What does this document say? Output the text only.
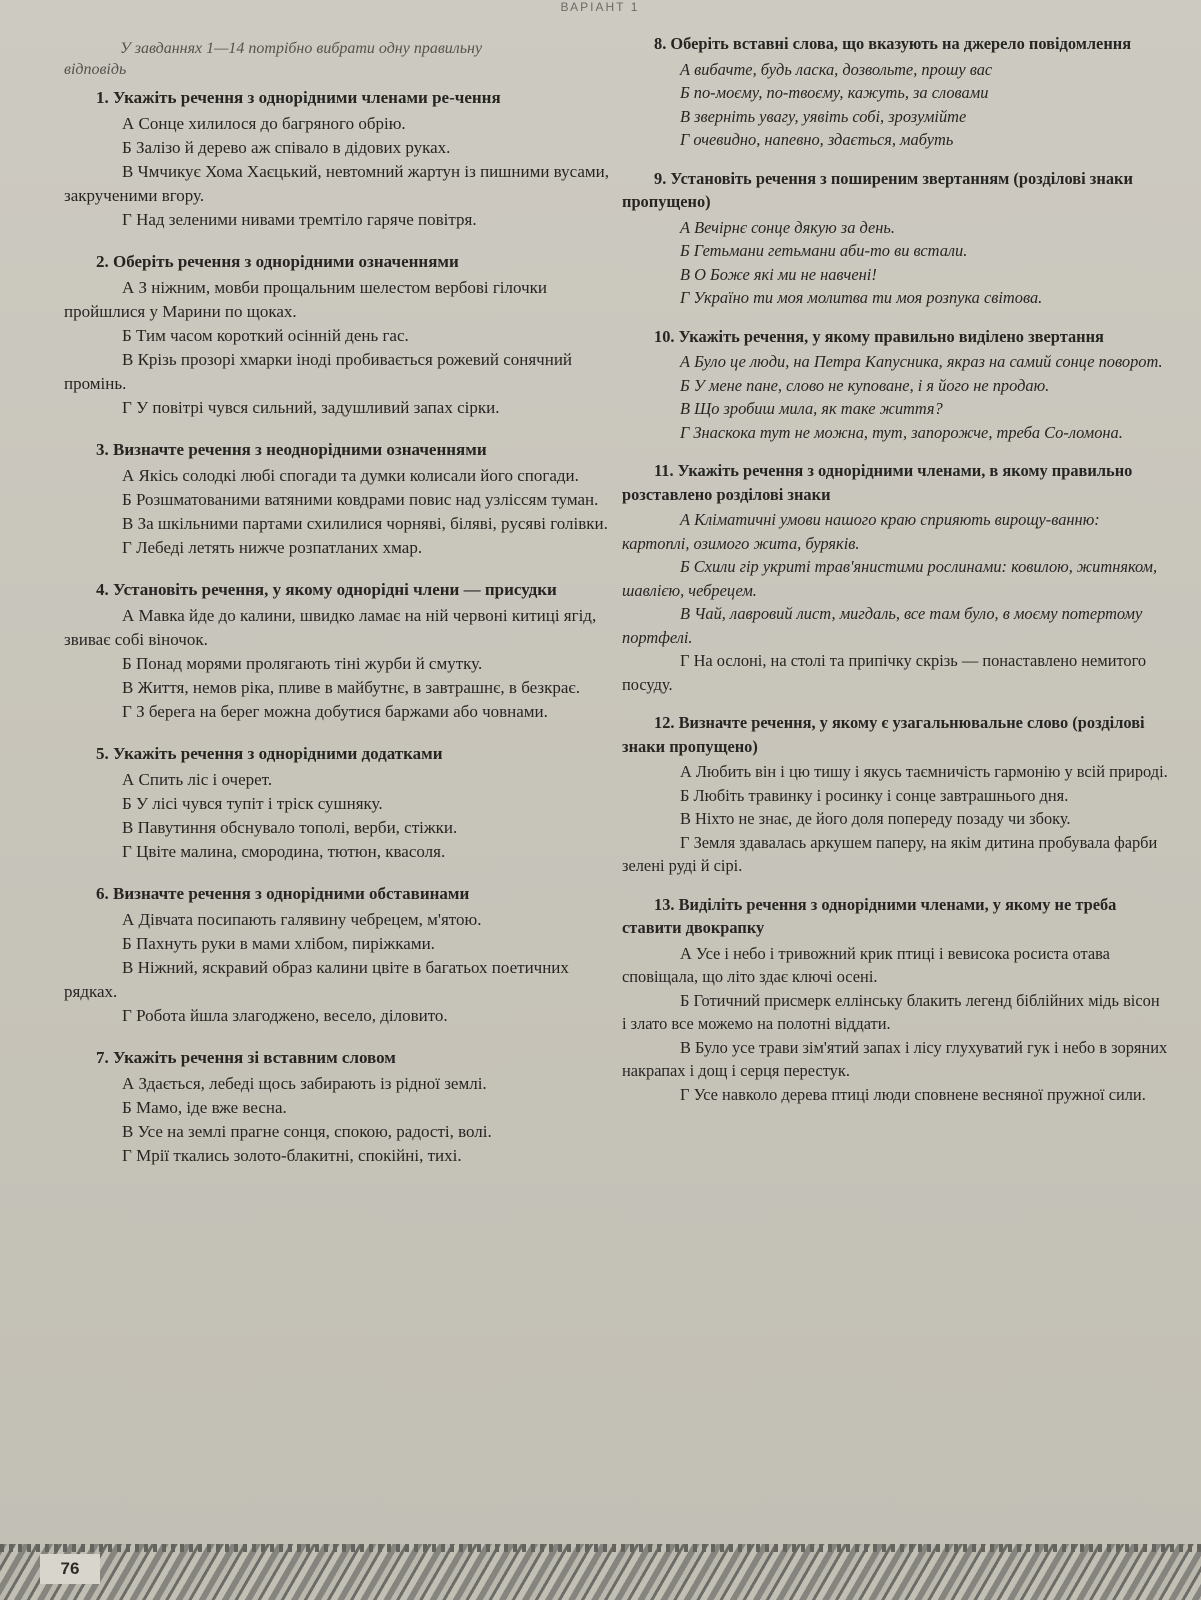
ВАРІАНТ 1
У завданнях 1—14 потрібно вибрати одну правильну
відповідь

1. Укажіть речення з однорідними членами ре-чення

А Сонце хилилося до багряного обрію.

Б Залізо й дерево аж співало в дідових руках.

В Чмчикує Хома Хаєцький, невтомний жартун із пишними вусами, закрученими вгору.

Г Над зеленими нивами тремтіло гаряче повітря.

2. Оберіть речення з однорідними означеннями

А З ніжним, мовби прощальним шелестом вербові гілочки пройшлися у Марини по щоках.

Б Тим часом короткий осінній день гас.

В Крізь прозорі хмарки іноді пробивається рожевий сонячний промінь.

Г У повітрі чувся сильний, задушливий запах сірки.

3. Визначте речення з неоднорідними означеннями

А Якісь солодкі любі спогади та думки колисали його спогади.

Б Розшматованими ватяними ковдрами повис над узліссям туман.

В За шкільними партами схилилися чорняві, біляві, русяві голівки.

Г Лебеді летять нижче розпатланих хмар.

4. Установіть речення, у якому однорідні члени — присудки

А Мавка йде до калини, швидко ламає на ній червоні китиці ягід, звиває собі віночок.

Б Понад морями пролягають тіні журби й смутку.

В Життя, немов ріка, пливе в майбутнє, в завтрашнє, в безкрає.

Г З берега на берег можна добутися баржами або човнами.

5. Укажіть речення з однорідними додатками

А Спить ліс і очерет.

Б У лісі чувся тупіт і тріск сушняку.

В Павутиння обснувало тополі, верби, стіжки.

Г Цвіте малина, смородина, тютюн, квасоля.

6. Визначте речення з однорідними обставинами

А Дівчата посипають галявину чебрецем, м'ятою.

Б Пахнуть руки в мами хлібом, пиріжками.

В Ніжний, яскравий образ калини цвіте в багатьох поетичних рядках.

Г Робота йшла злагоджено, весело, діловито.

7. Укажіть речення зі вставним словом

А Здається, лебеді щось забирають із рідної землі.

Б Мамо, іде вже весна.

В Усе на землі прагне сонця, спокою, радості, волі.

Г Мрії ткались золото-блакитні, спокійні, тихі.

8. Оберіть вставні слова, що вказують на джерело повідомлення

А вибачте, будь ласка, дозвольте, прошу вас

Б по-моєму, по-твоєму, кажуть, за словами

В зверніть увагу, уявіть собі, зрозумійте

Г очевидно, напевно, здається, мабуть

9. Установіть речення з поширеним звертанням (розділові знаки пропущено)

А Вечірнє сонце дякую за день.

Б Гетьмани гетьмани аби-то ви встали.

В О Боже які ми не навчені!

Г Україно ти моя молитва ти моя розпука світова.

10. Укажіть речення, у якому правильно виділено звертання

А Було це люди, на Петра Капусника, якраз на самий сонце поворот.

Б У мене пане, слово не куповане, і я його не продаю.

В Що зробиш мила, як таке життя?

Г Знаскока тут не можна, тут, запорожче, треба Со-ломона.

11. Укажіть речення з однорідними членами, в якому правильно розставлено розділові знаки

А Кліматичні умови нашого краю сприяють вирощу-ванню: картоплі, озимого жита, буряків.

Б Схили гір укриті трав'янистими рослинами: ковилою, житняком, шавлією, чебрецем.

В Чай, лавровий лист, мигдаль, все там було, в моєму потертому портфелі.

Г На ослоні, на столі та припічку скрізь — понаставлено немитого посуду.

12. Визначте речення, у якому є узагальнювальне слово (розділові знаки пропущено)

А Любить він і цю тишу і якусь таємничість гармонію у всій природі.

Б Любіть травинку і росинку і сонце завтрашнього дня.

В Ніхто не знає, де його доля попереду позаду чи збоку.

Г Земля здавалась аркушем паперу, на якім дитина пробувала фарби зелені руді й сірі.

13. Виділіть речення з однорідними членами, у якому не треба ставити двокрапку

А Усе і небо і тривожний крик птиці і вевисока росиста отава сповіщала, що літо здає ключі осені.

Б Готичний присмерк еллінську блакить легенд біблійних мідь вісон і злато все можемо на полотні віддати.

В Було усе трави зім'ятий запах і лісу глухуватий гук і небо в зоряних накрапах і дощ і серця перестук.

Г Усе навколо дерева птиці люди сповнене весняної пружної сили.

76
